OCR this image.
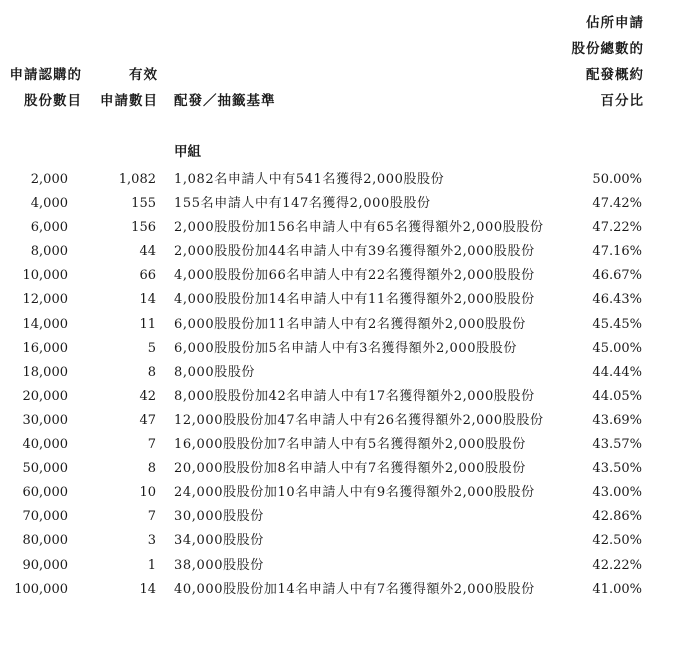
申請認購的
股份數目
有效
申請數目 配發／抽籤基準
佔所申請
股份總數的
配發概約
百分比
甲組
2,000	1,082 1,082名申請人中有541名獲得2,000股股份	50.00%
4,000	155 155名申請人中有147名獲得2,000股股份	47.42%
6,000	156 2,000股股份加156名申請人中有65名獲得額外2,000股股份	47.22%
8,000	44 2,000股股份加44名申請人中有39名獲得額外2,000股股份	47.16%
10,000	66 4,000股股份加66名申請人中有22名獲得額外2,000股股份	46.67%
12,000	14 4,000股股份加14名申請人中有11名獲得額外2,000股股份	46.43%
14,000	11 6,000股股份加11名申請人中有2名獲得額外2,000股股份	45.45%
16,000	5 6,000股股份加5名申請人中有3名獲得額外2,000股股份	45.00%
18,000	8 8,000股股份	44.44%
20,000	42 8,000股股份加42名申請人中有17名獲得額外2,000股股份	44.05%
30,000	47 12,000股股份加47名申請人中有26名獲得額外2,000股股份	43.69%
40,000	7 16,000股股份加7名申請人中有5名獲得額外2,000股股份	43.57%
50,000	8 20,000股股份加8名申請人中有7名獲得額外2,000股股份	43.50%
60,000	10 24,000股股份加10名申請人中有9名獲得額外2,000股股份	43.00%
70,000	7 30,000股股份	42.86%
80,000	3 34,000股股份	42.50%
90,000	1 38,000股股份	42.22%
100,000	14 40,000股股份加14名申請人中有7名獲得額外2,000股股份	41.00%
